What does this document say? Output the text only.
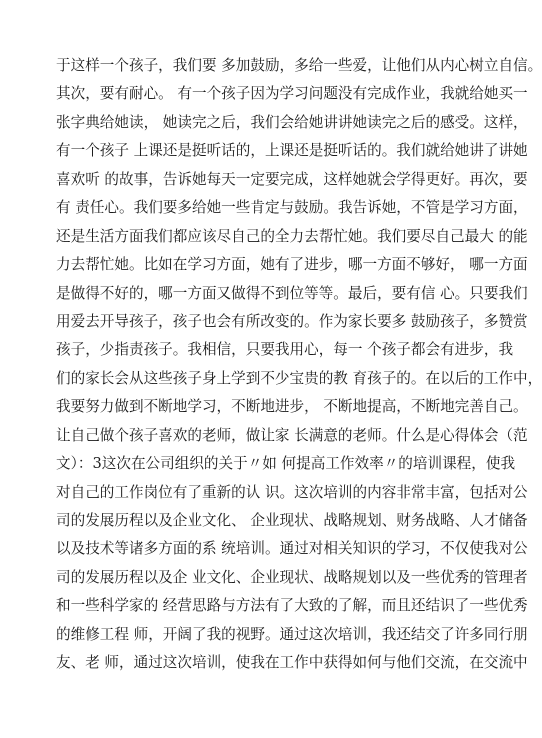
于这样一个孩子，我们要 多加鼓励，多给一些爱，让他们从内心树立自信。
其次，要有耐心。 有一个孩子因为学习问题没有完成作业，我就给她买一
张字典给她读， 她读完之后，我们会给她讲讲她读完之后的感受。这样，
有一个孩子 上课还是挺听话的，上课还是挺听话的。我们就给她讲了讲她
喜欢听 的故事，告诉她每天一定要完成，这样她就会学得更好。再次，要
有 责任心。我们要多给她一些肯定与鼓励。我告诉她，不管是学习方面，
还是生活方面我们都应该尽自己的全力去帮忙她。我们要尽自己最大 的能
力去帮忙她。比如在学习方面，她有了进步，哪一方面不够好， 哪一方面
是做得不好的，哪一方面又做得不到位等等。最后，要有信 心。只要我们
用爱去开导孩子，孩子也会有所改变的。作为家长要多 鼓励孩子，多赞赏
孩子，少指责孩子。我相信，只要我用心，每一 个孩子都会有进步，我
们的家长会从这些孩子身上学到不少宝贵的教 育孩子的。在以后的工作中，
我要努力做到不断地学习，不断地进步， 不断地提高，不断地完善自己。
让自己做个孩子喜欢的老师，做让家 长满意的老师。什么是心得体会（范
文）：3这次在公司组织的关于〃如 何提高工作效率〃的培训课程，使我
对自己的工作岗位有了重新的认 识。这次培训的内容非常丰富，包括对公
司的发展历程以及企业文化、 企业现状、战略规划、财务战略、人才储备
以及技术等诸多方面的系 统培训。通过对相关知识的学习，不仅使我对公
司的发展历程以及企 业文化、企业现状、战略规划以及一些优秀的管理者
和一些科学家的 经营思路与方法有了大致的了解，而且还结识了一些优秀
的维修工程 师，开阔了我的视野。通过这次培训，我还结交了许多同行朋
友、老 师，通过这次培训，使我在工作中获得如何与他们交流，在交流中
